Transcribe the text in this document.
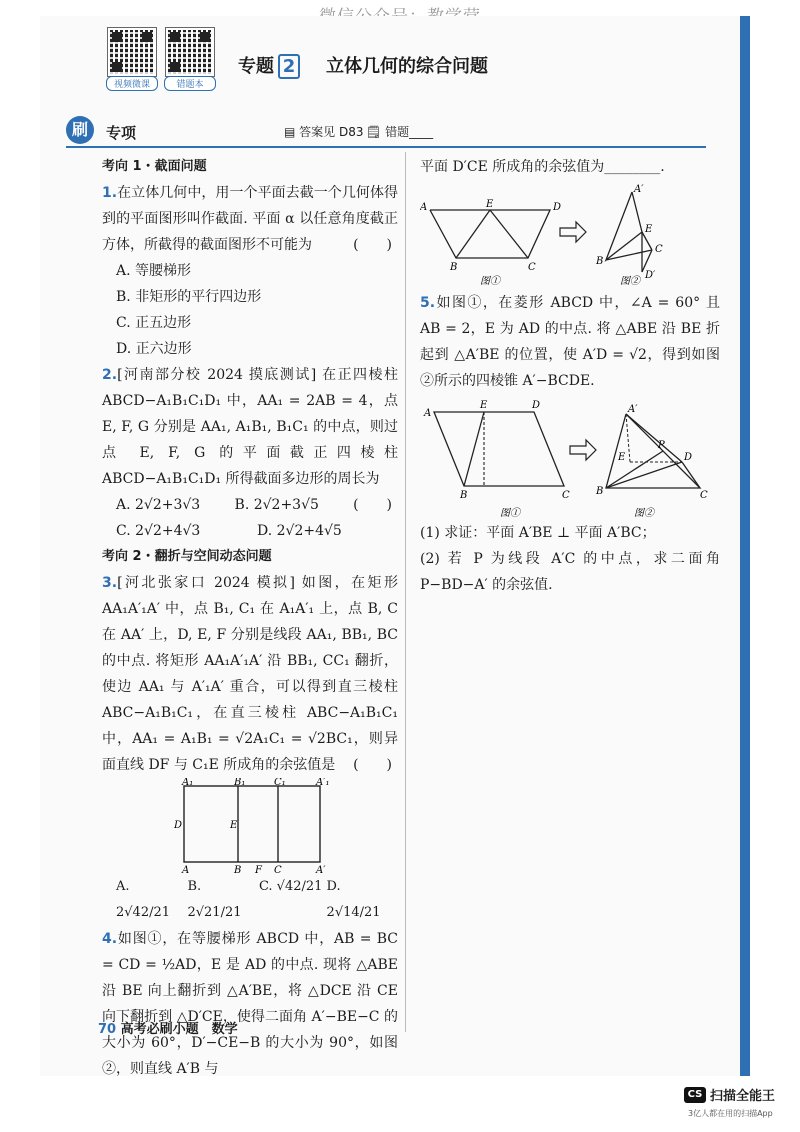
视频微课	错题本
专题 2 立体几何的综合问题
刷	专项	▤ 答案见 D83 🗒 错题____
考向 1・截面问题
1.在立体几何中，用一个平面去截一个几何体得到的平面图形叫作截面. 平面 α 以任意角度截正方体，所截得的截面图形不可能为	(　　)
A. 等腰梯形
B. 非矩形的平行四边形
C. 正五边形
D. 正六边形
2.[河南部分校 2024 摸底测试] 在正四棱柱 ABCD−A₁B₁C₁D₁ 中，AA₁ = 2AB = 4，点 E, F, G 分别是 AA₁, A₁B₁, B₁C₁ 的中点，则过点 E, F, G 的平面截正四棱柱 ABCD−A₁B₁C₁D₁ 所得截面多边形的周长为
(　　)
A. 2√2+3√3	B. 2√2+3√5
C. 2√2+4√3	D. 2√2+4√5
考向 2・翻折与空间动态问题
3.[河北张家口 2024 模拟] 如图，在矩形 AA₁A′₁A′ 中，点 B₁, C₁ 在 A₁A′₁ 上，点 B, C 在 AA′ 上，D, E, F 分别是线段 AA₁, BB₁, BC 的中点. 将矩形 AA₁A′₁A′ 沿 BB₁, CC₁ 翻折，使边 AA₁ 与 A′₁A′ 重合，可以得到直三棱柱 ABC−A₁B₁C₁，在直三棱柱 ABC−A₁B₁C₁ 中，AA₁ = A₁B₁ = √2A₁C₁ = √2BC₁，则异面直线 DF 与 C₁E 所成角的余弦值是 (　　)
A₁	B₁	C₁	A′₁
D	E
A	B F C	A′
A. 2√42/21
B. 2√21/21
C. √42/21 D. 2√14/21
4.如图①，在等腰梯形 ABCD 中，AB = BC = CD = ½AD，E 是 AD 的中点. 现将 △ABE 沿 BE 向上翻折到 △A′BE，将 △DCE 沿 CE 向下翻折到 △D′CE，使得二面角 A′−BE−C 的大小为 60°，D′−CE−B 的大小为 90°，如图②，则直线 A′B 与
平面 D′CE 所成角的余弦值为________.
A	E	D
B	C
图①
A′
E
C
B
D′
图②
5.如图①，在菱形 ABCD 中，∠A = 60° 且 AB = 2，E 为 AD 的中点. 将 △ABE 沿 BE 折起到 △A′BE 的位置，使 A′D = √2，得到如图②所示的四棱锥 A′−BCDE.
A
E	D
B	C
图①
A′
E
P
D
B	C
图②
(1) 求证：平面 A′BE ⊥ 平面 A′BC；
(2) 若 P 为线段 A′C 的中点，求二面角 P−BD−A′ 的余弦值.
70 高考必刷小题　数学
CS 扫描全能王
3亿人都在用的扫描App
